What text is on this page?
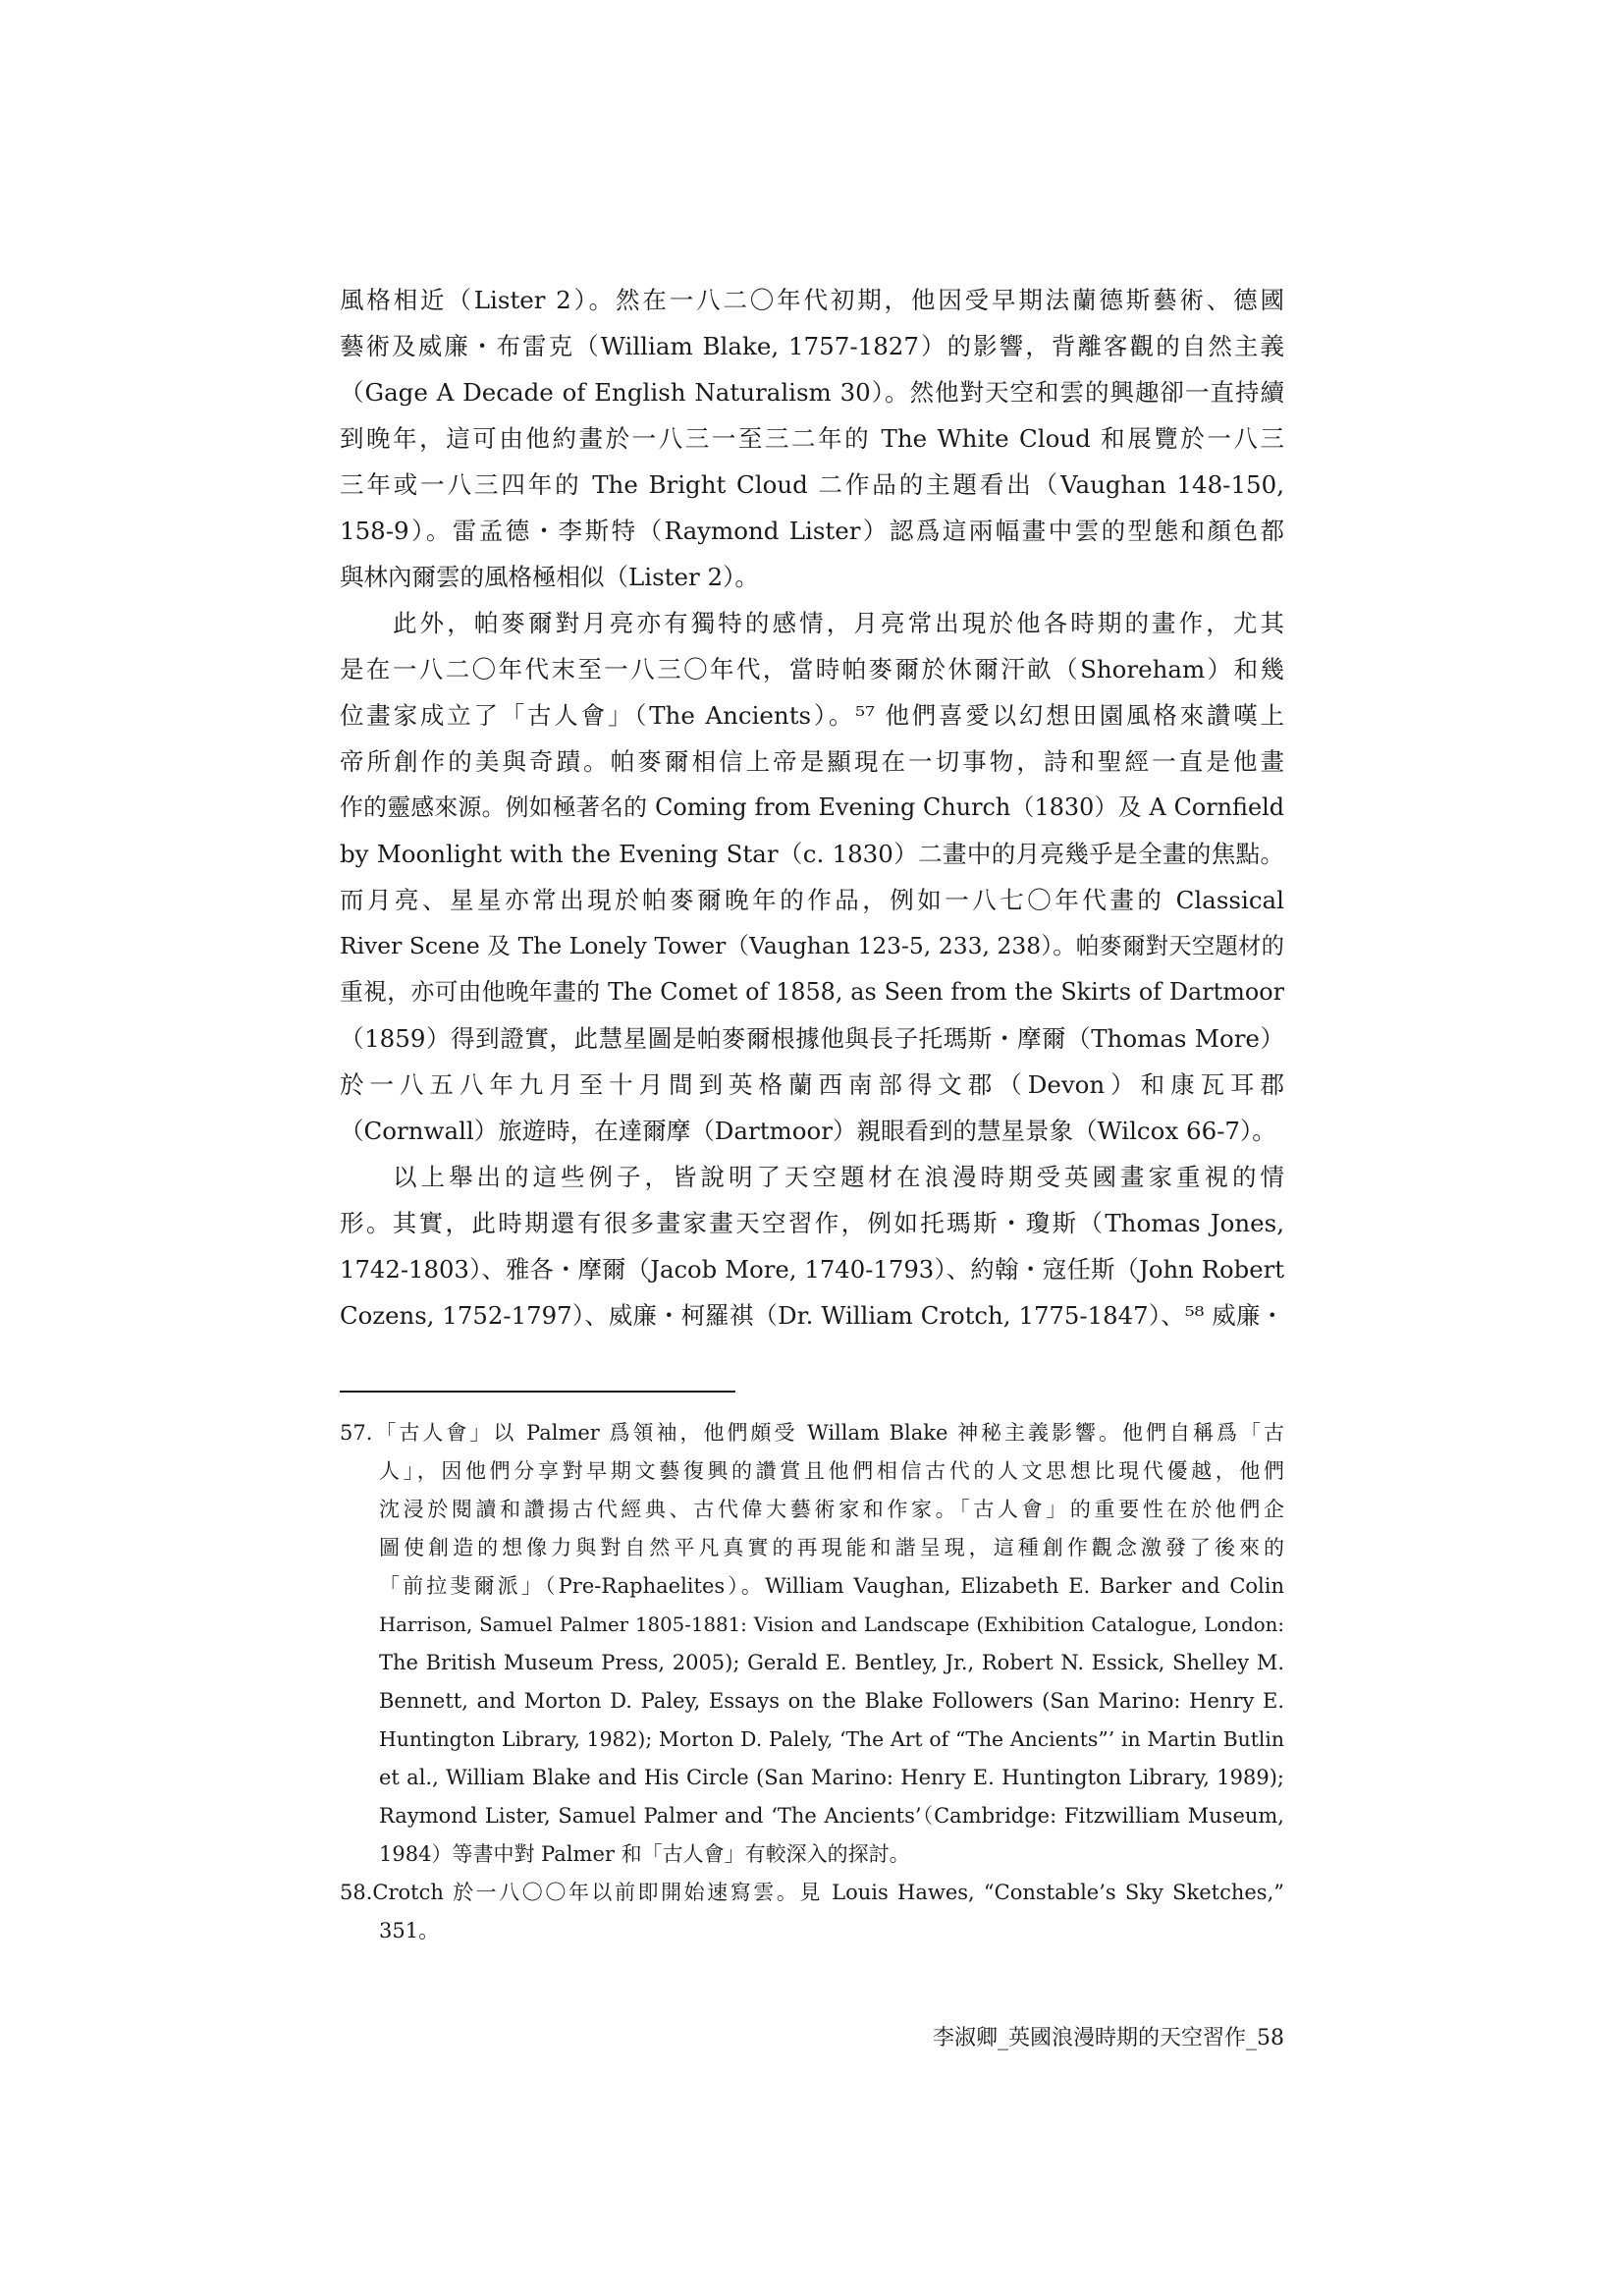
風格相近（Lister 2）。然在一八二〇年代初期，他因受早期法蘭德斯藝術、德國
藝術及威廉・布雷克（William Blake, 1757-1827）的影響，背離客觀的自然主義
（Gage A Decade of English Naturalism 30）。然他對天空和雲的興趣卻一直持續
到晚年，這可由他約畫於一八三一至三二年的 The White Cloud 和展覽於一八三
三年或一八三四年的 The Bright Cloud 二作品的主題看出（Vaughan 148-150,
158-9）。雷孟德・李斯特（Raymond Lister）認爲這兩幅畫中雲的型態和顏色都
與林內爾雲的風格極相似（Lister 2）。
此外，帕麥爾對月亮亦有獨特的感情，月亮常出現於他各時期的畫作，尤其
是在一八二〇年代末至一八三〇年代，當時帕麥爾於休爾汗畝（Shoreham）和幾
位畫家成立了「古人會」（The Ancients）。⁵⁷ 他們喜愛以幻想田園風格來讚嘆上
帝所創作的美與奇蹟。帕麥爾相信上帝是顯現在一切事物，詩和聖經一直是他畫
作的靈感來源。例如極著名的 Coming from Evening Church（1830）及 A Cornfield
by Moonlight with the Evening Star（c. 1830）二畫中的月亮幾乎是全畫的焦點。
而月亮、星星亦常出現於帕麥爾晚年的作品，例如一八七〇年代畫的 Classical
River Scene 及 The Lonely Tower（Vaughan 123-5, 233, 238）。帕麥爾對天空題材的
重視，亦可由他晚年畫的 The Comet of 1858, as Seen from the Skirts of Dartmoor
（1859）得到證實，此慧星圖是帕麥爾根據他與長子托瑪斯・摩爾（Thomas More）
於一八五八年九月至十月間到英格蘭西南部得文郡（Devon）和康瓦耳郡
（Cornwall）旅遊時，在達爾摩（Dartmoor）親眼看到的慧星景象（Wilcox 66-7）。
以上舉出的這些例子，皆說明了天空題材在浪漫時期受英國畫家重視的情
形。其實，此時期還有很多畫家畫天空習作，例如托瑪斯・瓊斯（Thomas Jones,
1742-1803）、雅各・摩爾（Jacob More, 1740-1793）、約翰・寇任斯（John Robert
Cozens, 1752-1797）、威廉・柯羅祺（Dr. William Crotch, 1775-1847）、⁵⁸ 威廉・
57.「古人會」以 Palmer 爲領袖，他們頗受 Willam Blake 神秘主義影響。他們自稱爲「古
人」，因他們分享對早期文藝復興的讚賞且他們相信古代的人文思想比現代優越，他們
沈浸於閱讀和讚揚古代經典、古代偉大藝術家和作家。「古人會」的重要性在於他們企
圖使創造的想像力與對自然平凡真實的再現能和諧呈現，這種創作觀念激發了後來的
「前拉斐爾派」（Pre-Raphaelites）。William Vaughan, Elizabeth E. Barker and Colin
Harrison, Samuel Palmer 1805-1881: Vision and Landscape (Exhibition Catalogue, London:
The British Museum Press, 2005); Gerald E. Bentley, Jr., Robert N. Essick, Shelley M.
Bennett, and Morton D. Paley, Essays on the Blake Followers (San Marino: Henry E.
Huntington Library, 1982); Morton D. Palely, ‘The Art of “The Ancients”’ in Martin Butlin
et al., William Blake and His Circle (San Marino: Henry E. Huntington Library, 1989);
Raymond Lister, Samuel Palmer and ‘The Ancients’（Cambridge: Fitzwilliam Museum,
1984）等書中對 Palmer 和「古人會」有較深入的探討。
58.Crotch 於一八〇〇年以前即開始速寫雲。見 Louis Hawes, “Constable’s Sky Sketches,”
351。
李淑卿_英國浪漫時期的天空習作_58
